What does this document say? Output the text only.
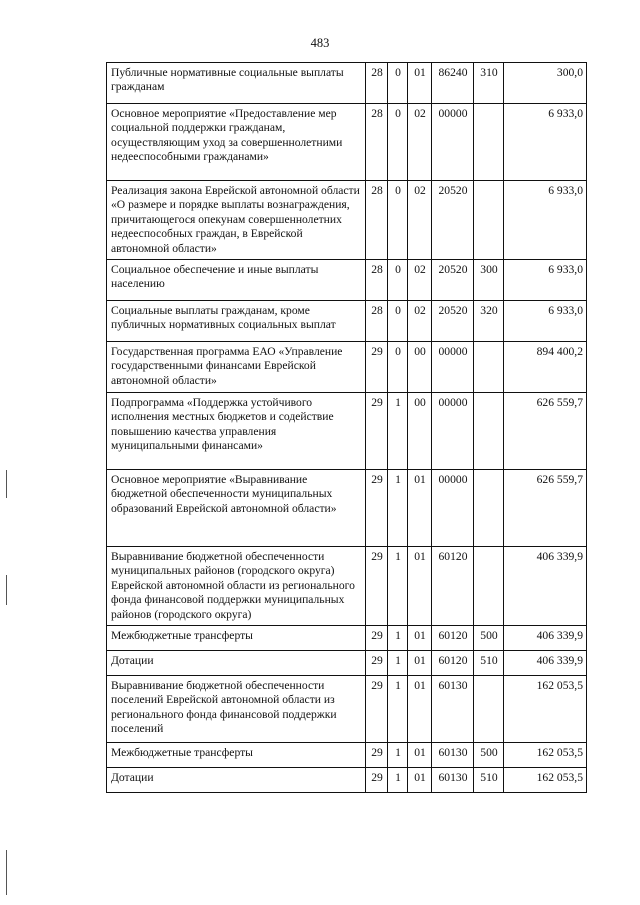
483
Публичные нормативные социальные выплаты гражданам	28	0	01	86240	310	300,0
Основное мероприятие «Предоставление мер социальной поддержки гражданам, осуществляющим уход за совершеннолетними недееспособными гражданами»	28	0	02	00000		6 933,0
Реализация закона Еврейской автономной области «О размере и порядке выплаты вознаграждения, причитающегося опекунам совершеннолетних недееспособных граждан, в Еврейской автономной области»	28	0	02	20520		6 933,0
Социальное обеспечение и иные выплаты населению	28	0	02	20520	300	6 933,0
Социальные выплаты гражданам, кроме публичных нормативных социальных выплат	28	0	02	20520	320	6 933,0
Государственная программа ЕАО «Управление государственными финансами Еврейской автономной области»	29	0	00	00000		894 400,2
Подпрограмма «Поддержка устойчивого исполнения местных бюджетов и содействие повышению качества управления муниципальными финансами»	29	1	00	00000		626 559,7
Основное мероприятие «Выравнивание бюджетной обеспеченности муниципальных образований Еврейской автономной области»	29	1	01	00000		626 559,7
Выравнивание бюджетной обеспеченности муниципальных районов (городского округа) Еврейской автономной области из регионального фонда финансовой поддержки муниципальных районов (городского округа)	29	1	01	60120		406 339,9
Межбюджетные трансферты	29	1	01	60120	500	406 339,9
Дотации	29	1	01	60120	510	406 339,9
Выравнивание бюджетной обеспеченности поселений Еврейской автономной области из регионального фонда финансовой поддержки поселений	29	1	01	60130		162 053,5
Межбюджетные трансферты	29	1	01	60130	500	162 053,5
Дотации	29	1	01	60130	510	162 053,5
